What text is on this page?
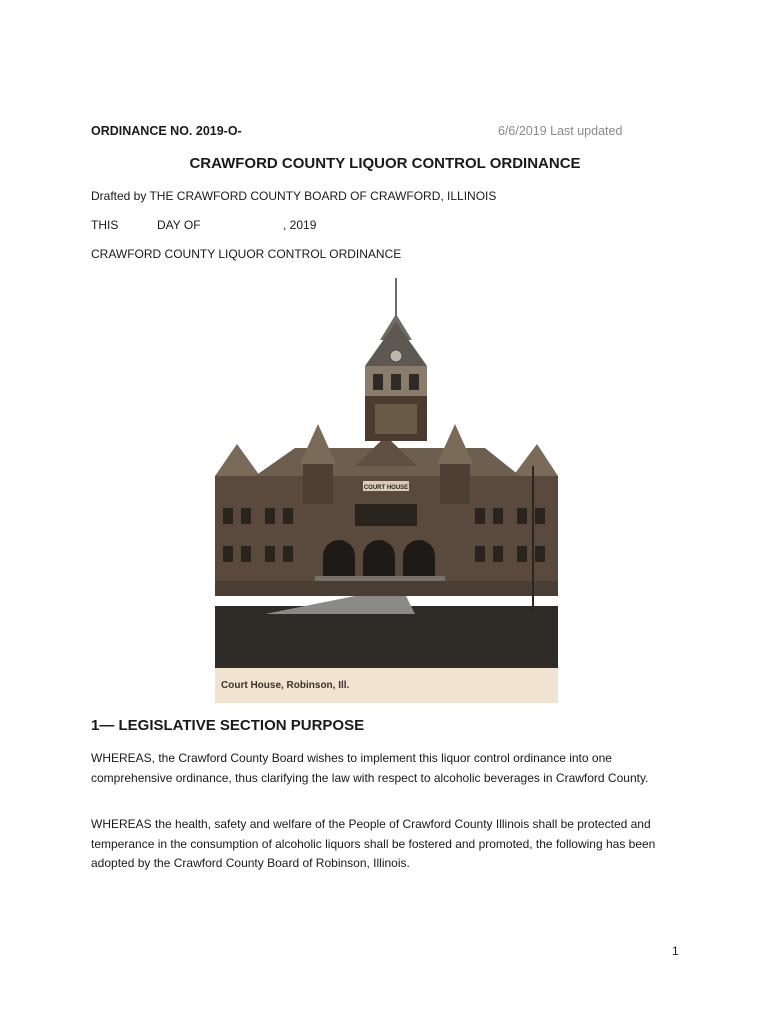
ORDINANCE NO. 2019-O-	6/6/2019 Last updated
CRAWFORD COUNTY LIQUOR CONTROL ORDINANCE
Drafted by THE CRAWFORD COUNTY BOARD OF CRAWFORD, ILLINOIS
THIS	DAY OF	, 2019
CRAWFORD COUNTY LIQUOR CONTROL ORDINANCE
Court House, Robinson, Ill.
COURT HOUSE
1— LEGISLATIVE SECTION PURPOSE
WHEREAS, the Crawford County Board wishes to implement this liquor control ordinance into one comprehensive ordinance, thus clarifying the law with respect to alcoholic beverages in Crawford County.
WHEREAS the health, safety and welfare of the People of Crawford County Illinois shall be protected and temperance in the consumption of alcoholic liquors shall be fostered and promoted, the following has been adopted by the Crawford County Board of Robinson, Illinois.
1
